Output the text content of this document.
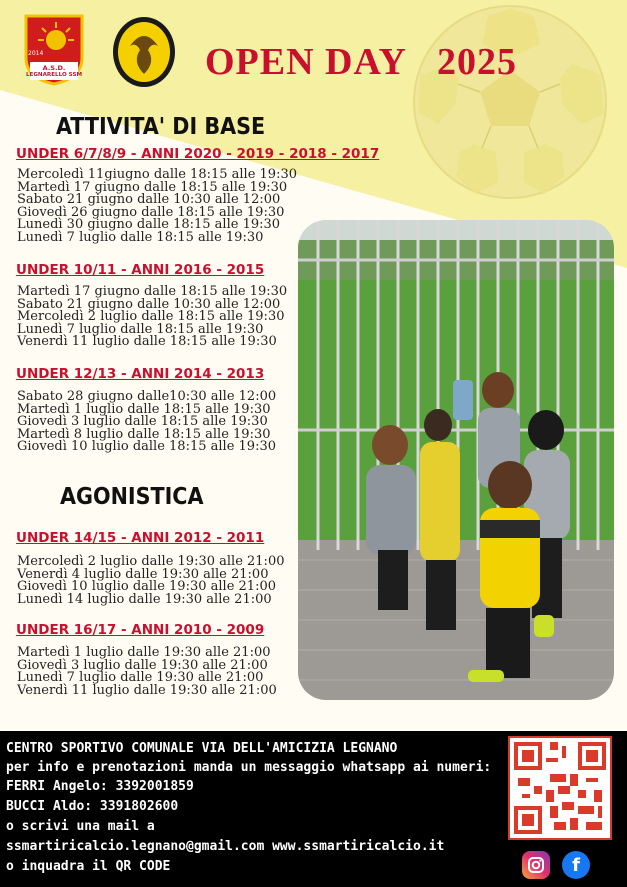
2014
A.S.D.
LEGNARELLO SSM	OPEN DAY   2025
ATTIVITA' DI BASE
UNDER 6/7/8/9 - ANNI 2020 - 2019 - 2018 - 2017
Mercoledì 11giugno dalle 18:15 alle 19:30
Martedì 17 giugno dalle 18:15 alle 19:30
Sabato 21 giugno dalle 10:30 alle 12:00
Giovedì 26 giugno dalle 18:15 alle 19:30
Lunedì 30 giugno dalle 18:15 alle 19:30
Lunedì 7 luglio dalle 18:15 alle 19:30
UNDER 10/11 - ANNI 2016 - 2015
Martedì 17 giugno dalle 18:15 alle 19:30
Sabato 21 giugno dalle 10:30 alle 12:00
Mercoledì 2 luglio dalle 18:15 alle 19:30
Lunedì 7 luglio dalle 18:15 alle 19:30
Venerdì 11 luglio dalle 18:15 alle 19:30
UNDER 12/13 - ANNI 2014 - 2013
Sabato 28 giugno dalle10:30 alle 12:00
Martedì 1 luglio dalle 18:15 alle 19:30
Giovedì 3 luglio dalle 18:15 alle 19:30
Martedì 8 luglio dalle 18:15 alle 19:30
Giovedì 10 luglio dalle 18:15 alle 19:30
AGONISTICA
UNDER 14/15 - ANNI 2012 - 2011
Mercoledì 2 luglio dalle 19:30 alle 21:00
Venerdì 4 luglio dalle 19:30 alle 21:00
Giovedì 10 luglio dalle 19:30 alle 21:00
Lunedì 14 luglio dalle 19:30 alle 21:00
UNDER 16/17 - ANNI 2010 - 2009
Martedì 1 luglio dalle 19:30 alle 21:00
Giovedì 3 luglio dalle 19:30 alle 21:00
Lunedì 7 luglio dalle 19:30 alle 21:00
Venerdì 11 luglio dalle 19:30 alle 21:00
CENTRO SPORTIVO COMUNALE VIA DELL'AMICIZIA LEGNANO
per info e prenotazioni manda un messaggio whatsapp ai numeri:
FERRI Angelo: 3392001859
BUCCI Aldo: 3391802600
o scrivi una mail a
ssmartiricalcio.legnano@gmail.com www.ssmartiricalcio.it
o inquadra il QR CODE	f
